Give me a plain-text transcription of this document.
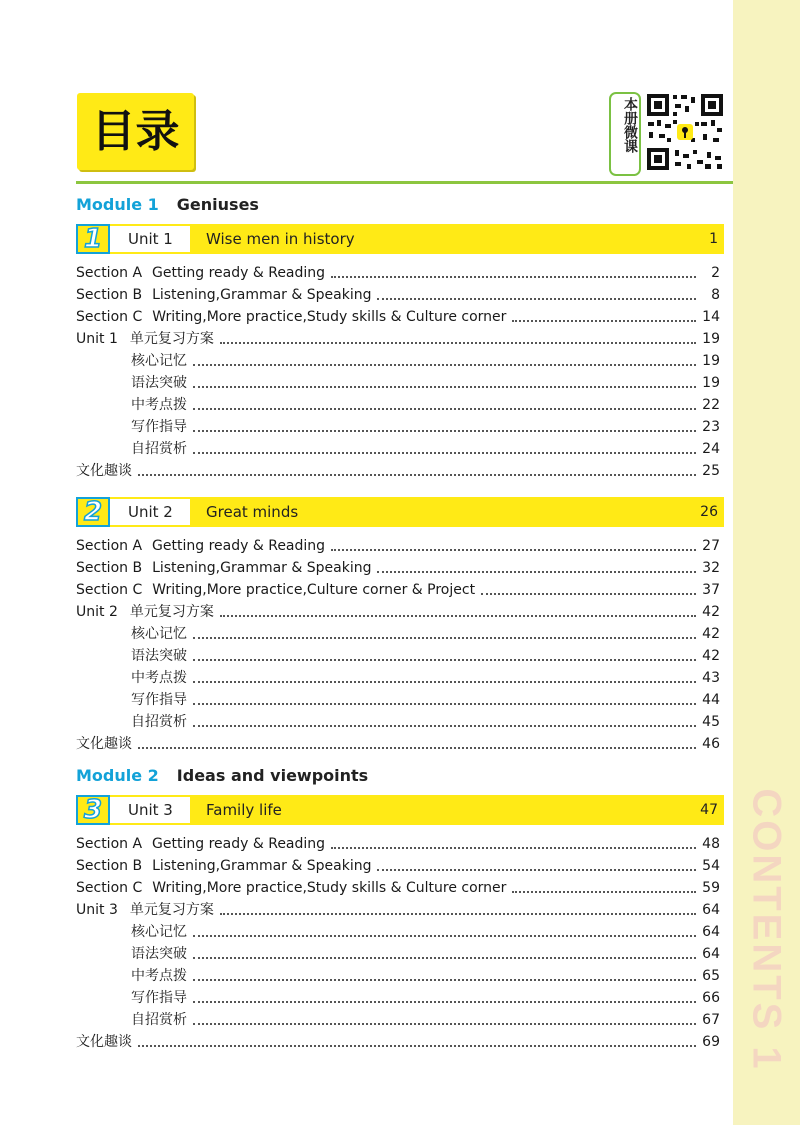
CONTENTS 1
目录	本册微课
Module 1 Geniuses
1	Unit 1	Wise men in history	1
Section A Getting ready & Reading	2
Section B Listening,Grammar & Speaking	8
Section C Writing,More practice,Study skills & Culture corner	14
Unit 1 单元复习方案	19
核心记忆	19
语法突破	19
中考点拨	22
写作指导	23
自招赏析	24
文化趣谈	25
2	Unit 2	Great minds	26
Section A Getting ready & Reading	27
Section B Listening,Grammar & Speaking	32
Section C Writing,More practice,Culture corner & Project	37
Unit 2 单元复习方案	42
核心记忆	42
语法突破	42
中考点拨	43
写作指导	44
自招赏析	45
文化趣谈	46
Module 2 Ideas and viewpoints
3	Unit 3	Family life	47
Section A Getting ready & Reading	48
Section B Listening,Grammar & Speaking	54
Section C Writing,More practice,Study skills & Culture corner	59
Unit 3 单元复习方案	64
核心记忆	64
语法突破	64
中考点拨	65
写作指导	66
自招赏析	67
文化趣谈	69
